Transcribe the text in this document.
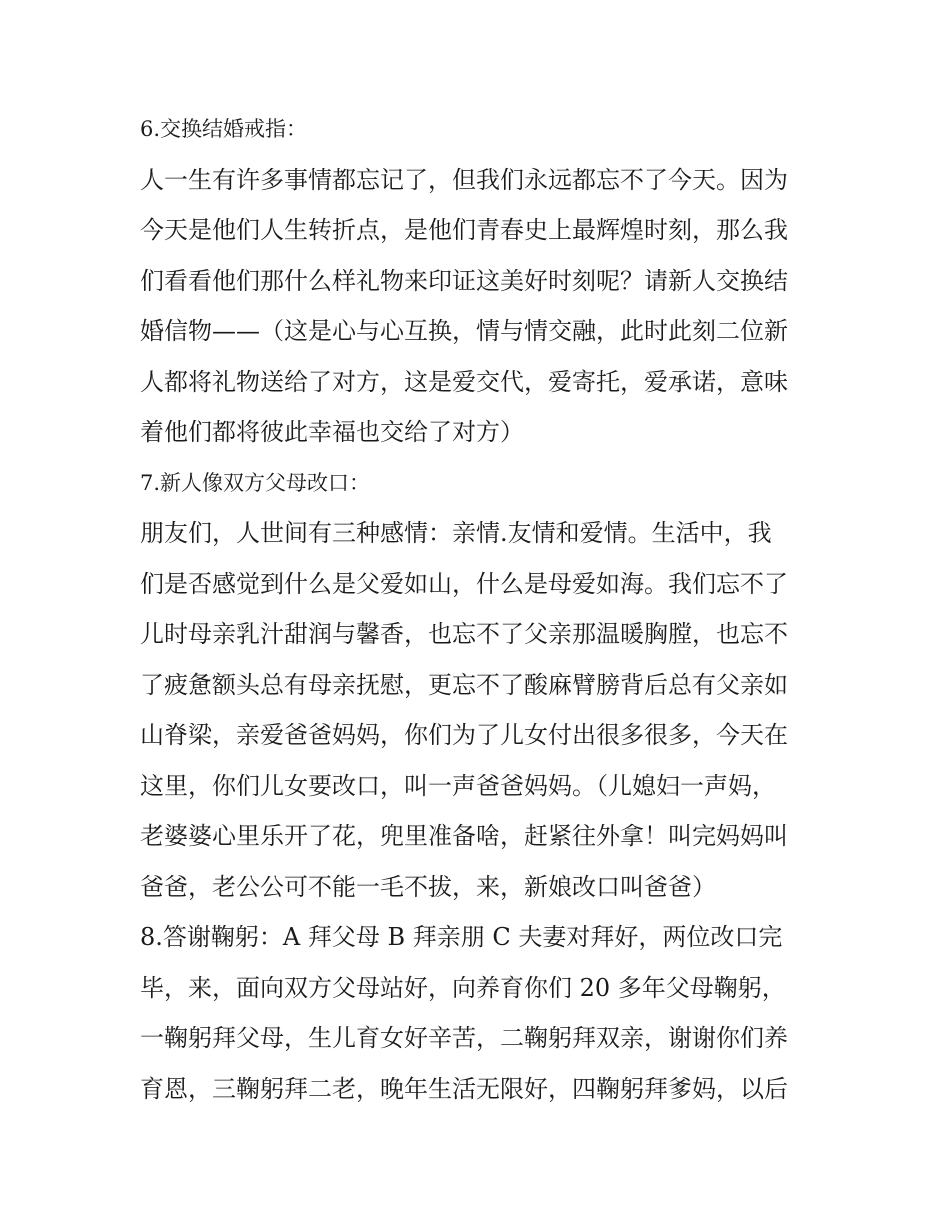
6.交换结婚戒指：
人一生有许多事情都忘记了，但我们永远都忘不了今天。因为
今天是他们人生转折点，是他们青春史上最辉煌时刻，那么我
们看看他们那什么样礼物来印证这美好时刻呢？请新人交换结
婚信物——（这是心与心互换，情与情交融，此时此刻二位新
人都将礼物送给了对方，这是爱交代，爱寄托，爱承诺，意味
着他们都将彼此幸福也交给了对方）
7.新人像双方父母改口：
朋友们，人世间有三种感情：亲情.友情和爱情。生活中，我
们是否感觉到什么是父爱如山，什么是母爱如海。我们忘不了
儿时母亲乳汁甜润与馨香，也忘不了父亲那温暖胸膛，也忘不
了疲惫额头总有母亲抚慰，更忘不了酸麻臂膀背后总有父亲如
山脊梁，亲爱爸爸妈妈，你们为了儿女付出很多很多，今天在
这里，你们儿女要改口，叫一声爸爸妈妈。（儿媳妇一声妈，
老婆婆心里乐开了花，兜里准备啥，赶紧往外拿！叫完妈妈叫
爸爸，老公公可不能一毛不拔，来，新娘改口叫爸爸）
8.答谢鞠躬：A 拜父母 B 拜亲朋 C 夫妻对拜好，两位改口完
毕，来，面向双方父母站好，向养育你们 20 多年父母鞠躬，
一鞠躬拜父母，生儿育女好辛苦，二鞠躬拜双亲，谢谢你们养
育恩，三鞠躬拜二老，晚年生活无限好，四鞠躬拜爹妈，以后
